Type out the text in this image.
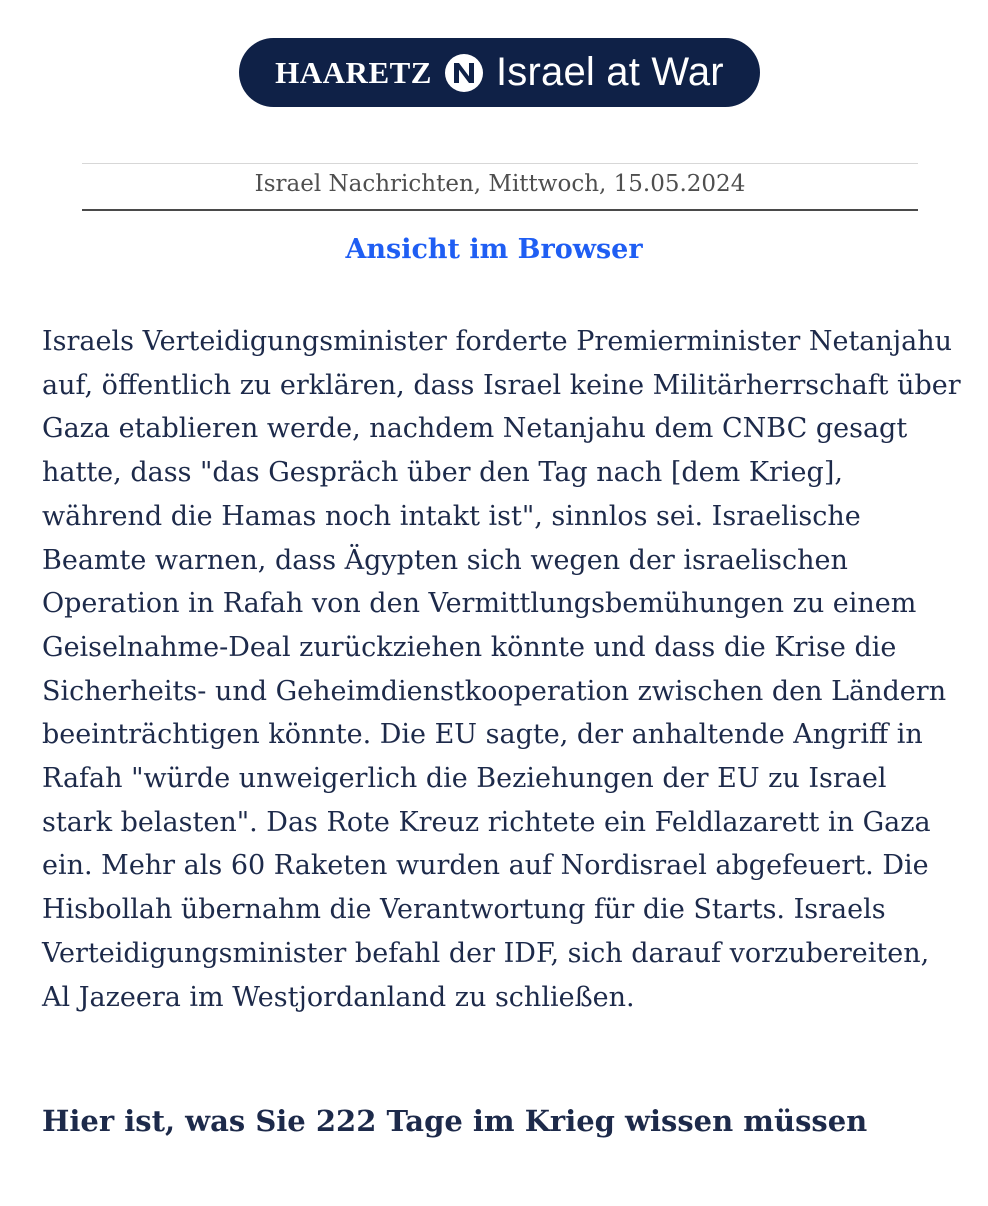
HAARETZ Israel at War
Israel Nachrichten, Mittwoch, 15.05.2024
Ansicht im Browser

Israels Verteidigungsminister forderte Premierminister Netanjahu auf, öffentlich zu erklären, dass Israel keine Militärherrschaft über Gaza etablieren werde, nachdem Netanjahu dem CNBC gesagt hatte, dass "das Gespräch über den Tag nach [dem Krieg], während die Hamas noch intakt ist", sinnlos sei. Israelische Beamte warnen, dass Ägypten sich wegen der israelischen Operation in Rafah von den Vermittlungsbemühungen zu einem Geiselnahme-Deal zurückziehen könnte und dass die Krise die Sicherheits- und Geheimdienstkooperation zwischen den Ländern beeinträchtigen könnte. Die EU sagte, der anhaltende Angriff in Rafah "würde unweigerlich die Beziehungen der EU zu Israel stark belasten". Das Rote Kreuz richtete ein Feldlazarett in Gaza ein. Mehr als 60 Raketen wurden auf Nordisrael abgefeuert. Die Hisbollah übernahm die Verantwortung für die Starts. Israels Verteidigungsminister befahl der IDF, sich darauf vorzubereiten, Al Jazeera im Westjordanland zu schließen.

Hier ist, was Sie 222 Tage im Krieg wissen müssen
